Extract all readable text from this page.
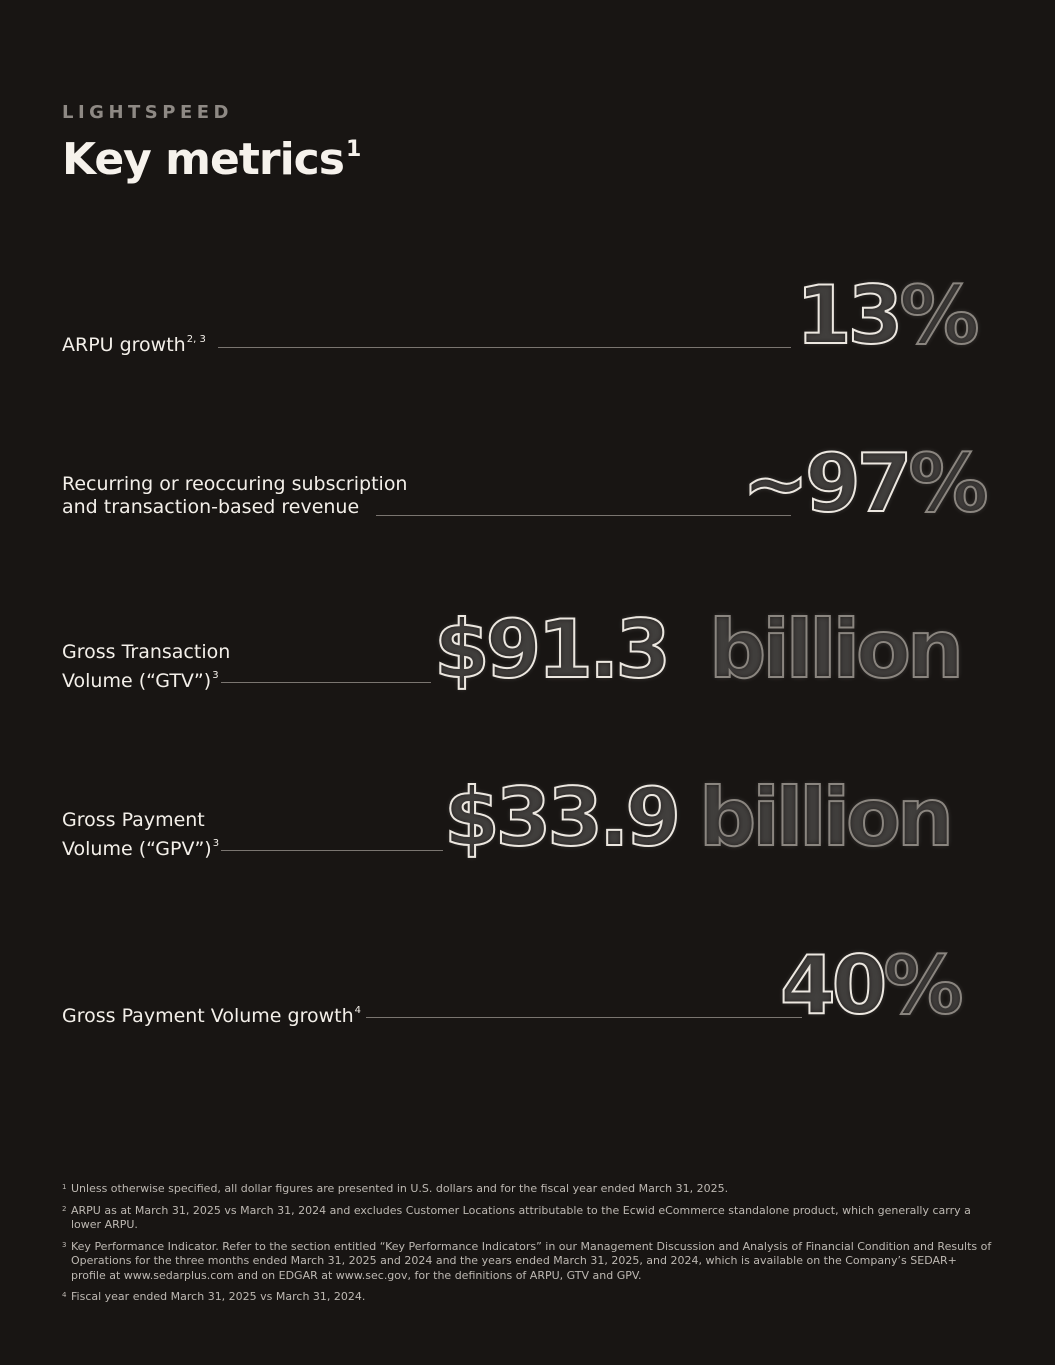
LIGHTSPEED
Key metrics$^1$
ARPU growth$^{2, 3}$	13%
Recurring or reoccuring subscription
and transaction-based revenue	~97%
Gross Transaction
Volume (“GTV”)$^3$	$91.3 billion
Gross Payment
Volume (“GPV”)$^3$	$33.9 billion
Gross Payment Volume growth$^4$	40%
1 Unless otherwise specified, all dollar figures are presented in U.S. dollars and for the fiscal year ended March 31, 2025.
2 ARPU as at March 31, 2025 vs March 31, 2024 and excludes Customer Locations attributable to the Ecwid eCommerce standalone product, which generally carry a lower ARPU.
3 Key Performance Indicator. Refer to the section entitled “Key Performance Indicators” in our Management Discussion and Analysis of Financial Condition and Results of Operations for the three months ended March 31, 2025 and 2024 and the years ended March 31, 2025, and 2024, which is available on the Company’s SEDAR+ profile at www.sedarplus.com and on EDGAR at www.sec.gov, for the definitions of ARPU, GTV and GPV.
4 Fiscal year ended March 31, 2025 vs March 31, 2024.
